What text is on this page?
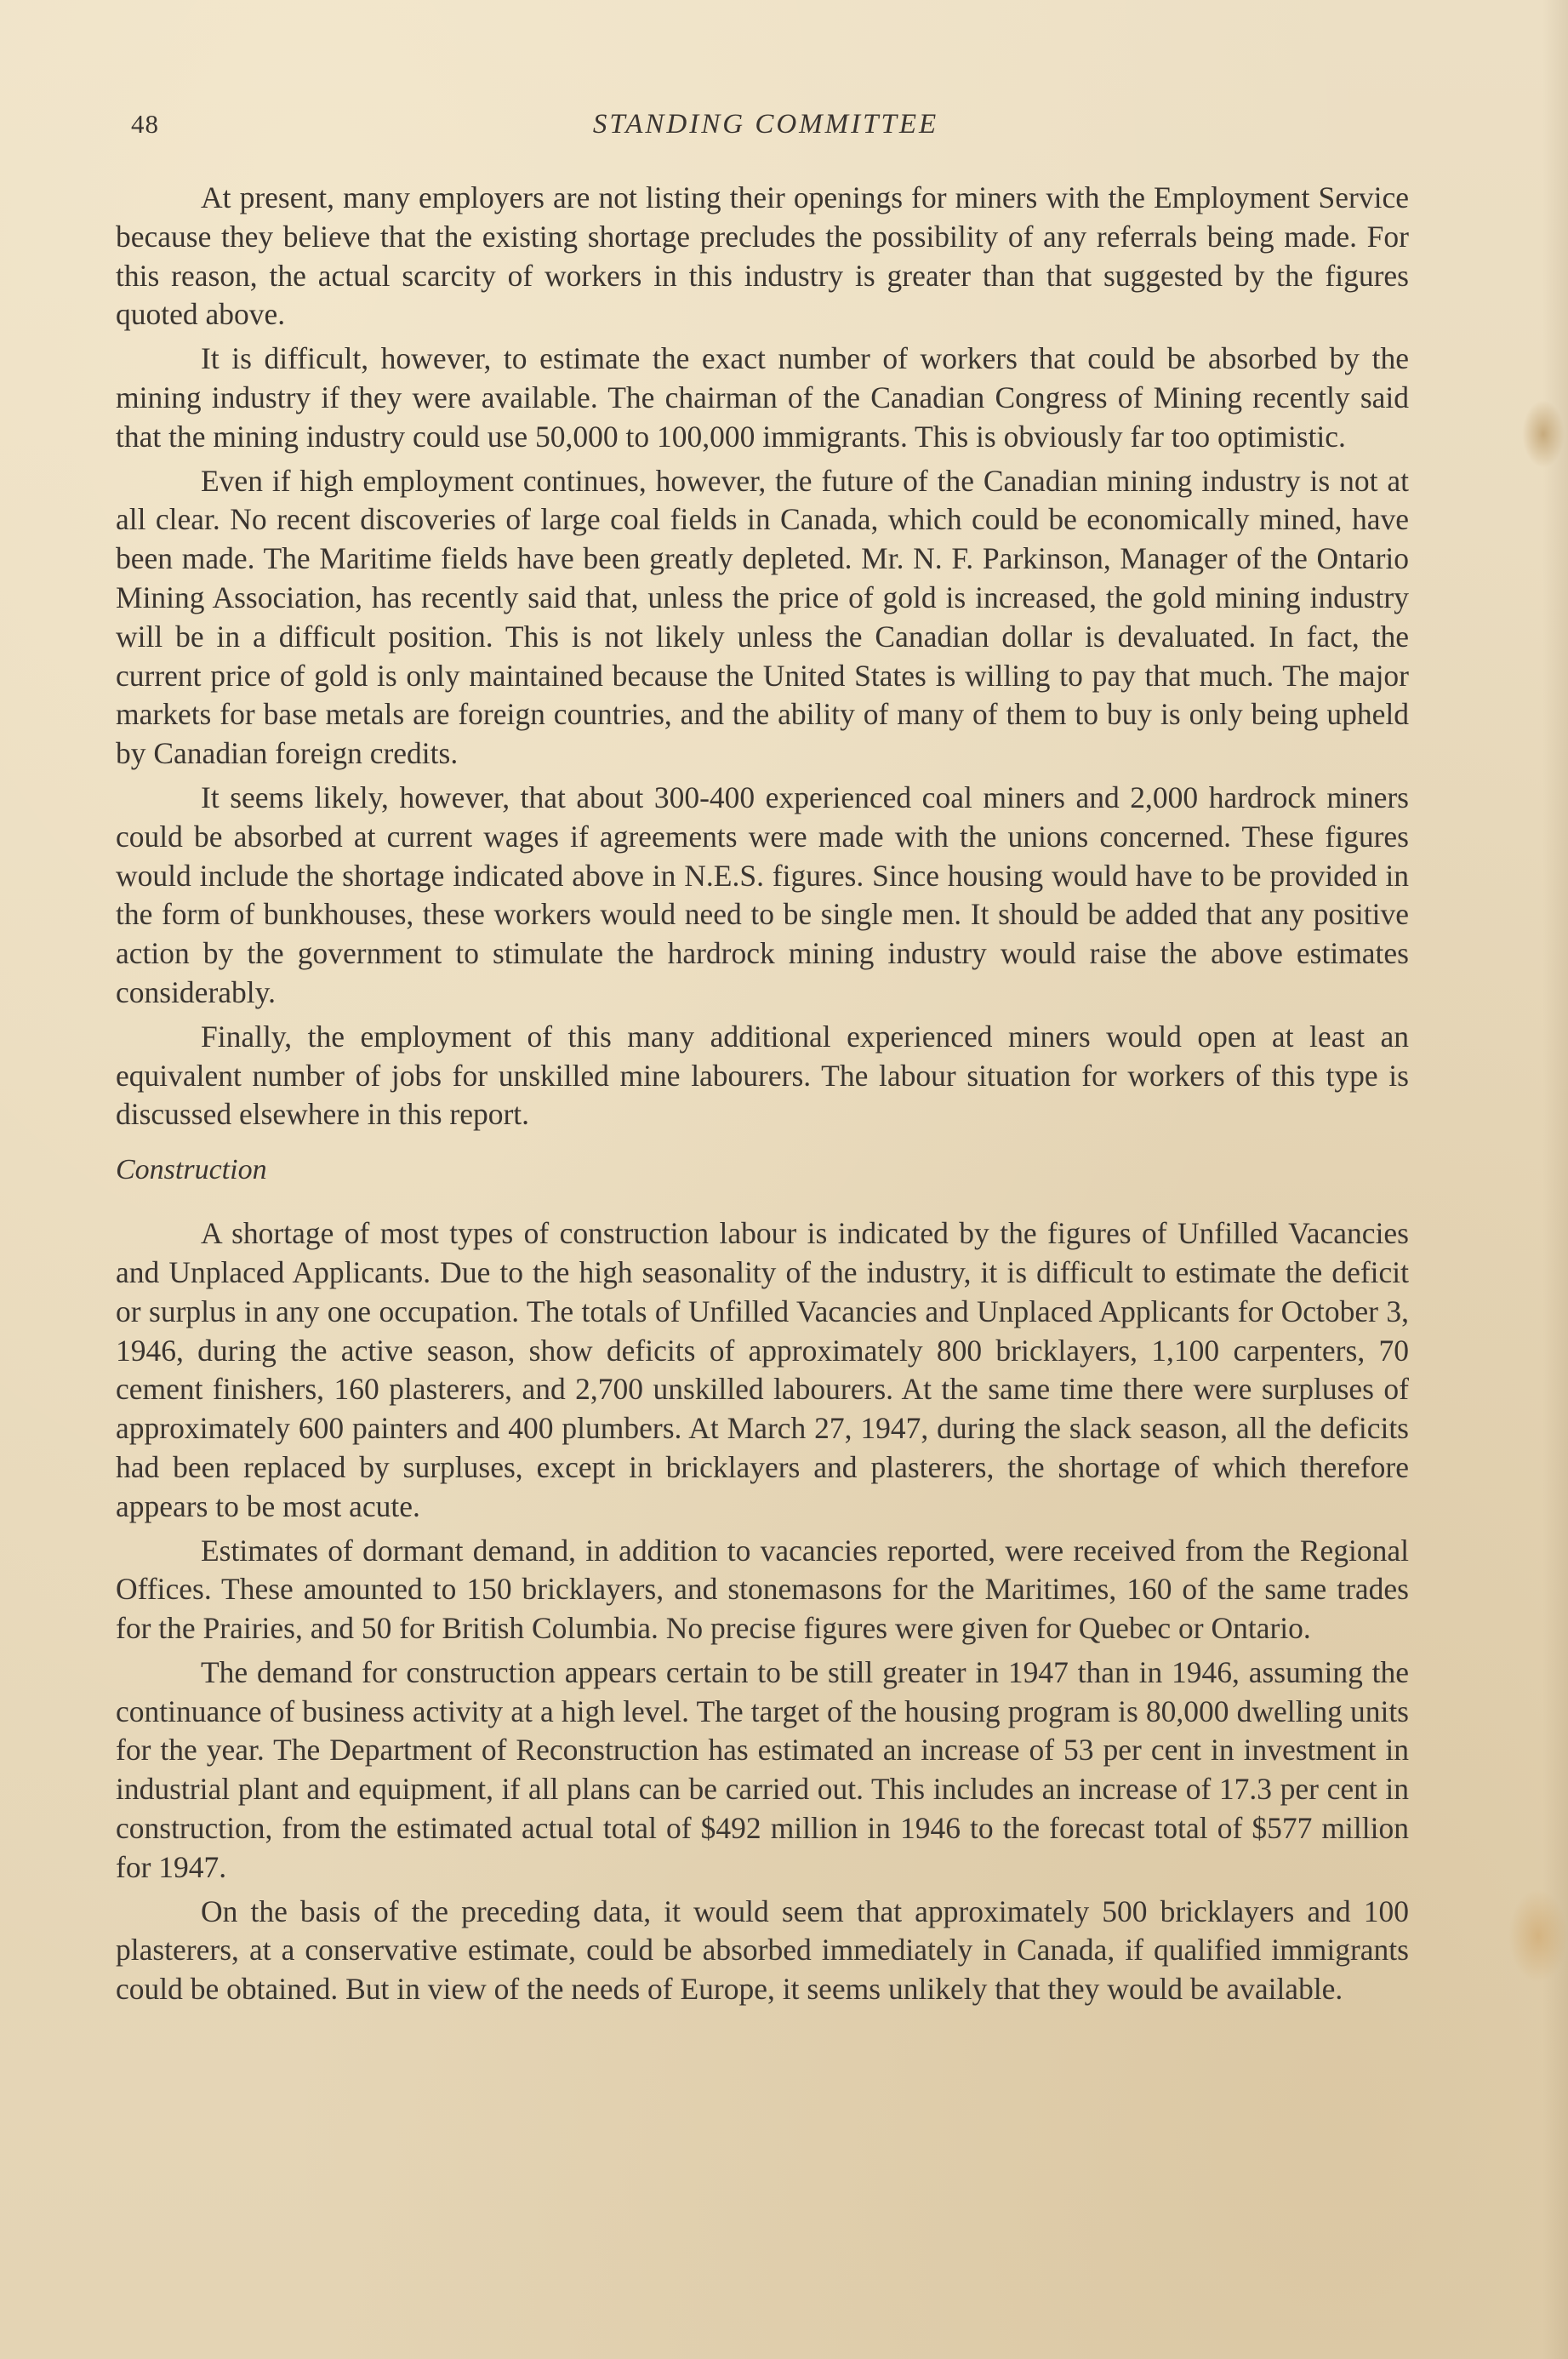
48	STANDING COMMITTEE

At present, many employers are not listing their openings for miners with the Employment Service because they believe that the existing shortage precludes the possibility of any referrals being made. For this reason, the actual scarcity of workers in this industry is greater than that suggested by the figures quoted above.

It is difficult, however, to estimate the exact number of workers that could be absorbed by the mining industry if they were available. The chairman of the Canadian Congress of Mining recently said that the mining industry could use 50,000 to 100,000 immigrants. This is obviously far too optimistic.

Even if high employment continues, however, the future of the Canadian mining industry is not at all clear. No recent discoveries of large coal fields in Canada, which could be economically mined, have been made. The Maritime fields have been greatly depleted. Mr. N. F. Parkinson, Manager of the Ontario Mining Association, has recently said that, unless the price of gold is increased, the gold mining industry will be in a difficult position. This is not likely unless the Canadian dollar is devaluated. In fact, the current price of gold is only maintained because the United States is willing to pay that much. The major markets for base metals are foreign countries, and the ability of many of them to buy is only being upheld by Canadian foreign credits.

It seems likely, however, that about 300-400 experienced coal miners and 2,000 hardrock miners could be absorbed at current wages if agreements were made with the unions concerned. These figures would include the shortage indicated above in N.E.S. figures. Since housing would have to be provided in the form of bunkhouses, these workers would need to be single men. It should be added that any positive action by the government to stimulate the hardrock mining industry would raise the above estimates considerably.

Finally, the employment of this many additional experienced miners would open at least an equivalent number of jobs for unskilled mine labourers. The labour situation for workers of this type is discussed elsewhere in this report.

Construction

A shortage of most types of construction labour is indicated by the figures of Unfilled Vacancies and Unplaced Applicants. Due to the high seasonality of the industry, it is difficult to estimate the deficit or surplus in any one occupation. The totals of Unfilled Vacancies and Unplaced Applicants for October 3, 1946, during the active season, show deficits of approximately 800 bricklayers, 1,100 carpenters, 70 cement finishers, 160 plasterers, and 2,700 unskilled labourers. At the same time there were surpluses of approximately 600 painters and 400 plumbers. At March 27, 1947, during the slack season, all the deficits had been replaced by surpluses, except in bricklayers and plasterers, the shortage of which therefore appears to be most acute.

Estimates of dormant demand, in addition to vacancies reported, were received from the Regional Offices. These amounted to 150 bricklayers, and stonemasons for the Maritimes, 160 of the same trades for the Prairies, and 50 for British Columbia. No precise figures were given for Quebec or Ontario.

The demand for construction appears certain to be still greater in 1947 than in 1946, assuming the continuance of business activity at a high level. The target of the housing program is 80,000 dwelling units for the year. The Department of Reconstruction has estimated an increase of 53 per cent in investment in industrial plant and equipment, if all plans can be carried out. This includes an increase of 17.3 per cent in construction, from the estimated actual total of $492 million in 1946 to the forecast total of $577 million for 1947.

On the basis of the preceding data, it would seem that approximately 500 bricklayers and 100 plasterers, at a conservative estimate, could be absorbed immediately in Canada, if qualified immigrants could be obtained. But in view of the needs of Europe, it seems unlikely that they would be available.
